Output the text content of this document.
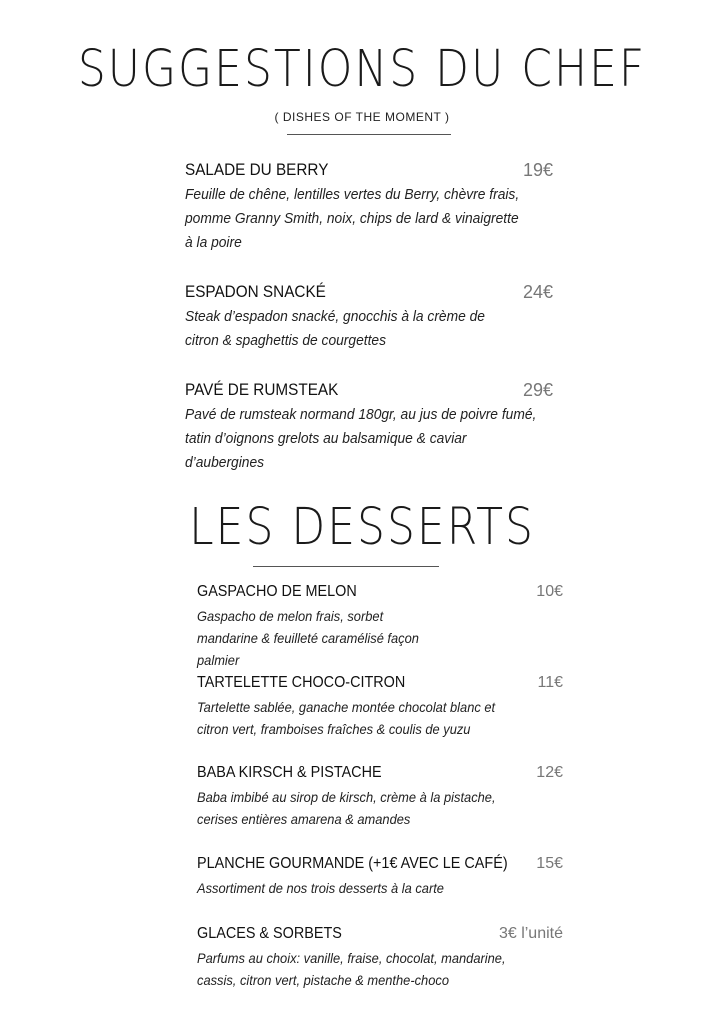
SUGGESTIONS DU CHEF
( DISHES OF THE MOMENT )
SALADE DU BERRY	19€
Feuille de chêne, lentilles vertes du Berry, chèvre frais, pomme Granny Smith, noix, chips de lard & vinaigrette à la poire
ESPADON SNACKÉ	24€
Steak d’espadon snacké, gnocchis à la crème de citron & spaghettis de courgettes
PAVÉ DE RUMSTEAK	29€
Pavé de rumsteak normand 180gr, au jus de poivre fumé, tatin d’oignons grelots au balsamique & caviar d’aubergines
LES DESSERTS
GASPACHO DE MELON	10€
Gaspacho de melon frais, sorbet mandarine & feuilleté caramélisé façon palmier
TARTELETTE CHOCO-CITRON	11€
Tartelette sablée, ganache montée chocolat blanc et citron vert, framboises fraîches & coulis de yuzu
BABA KIRSCH & PISTACHE	12€
Baba imbibé au sirop de kirsch, crème à la pistache, cerises entières amarena & amandes
PLANCHE GOURMANDE (+1€ AVEC LE CAFÉ)	15€
Assortiment de nos trois desserts à la carte
GLACES & SORBETS	3€ l’unité
Parfums au choix: vanille, fraise, chocolat, mandarine, cassis, citron vert, pistache & menthe-choco
